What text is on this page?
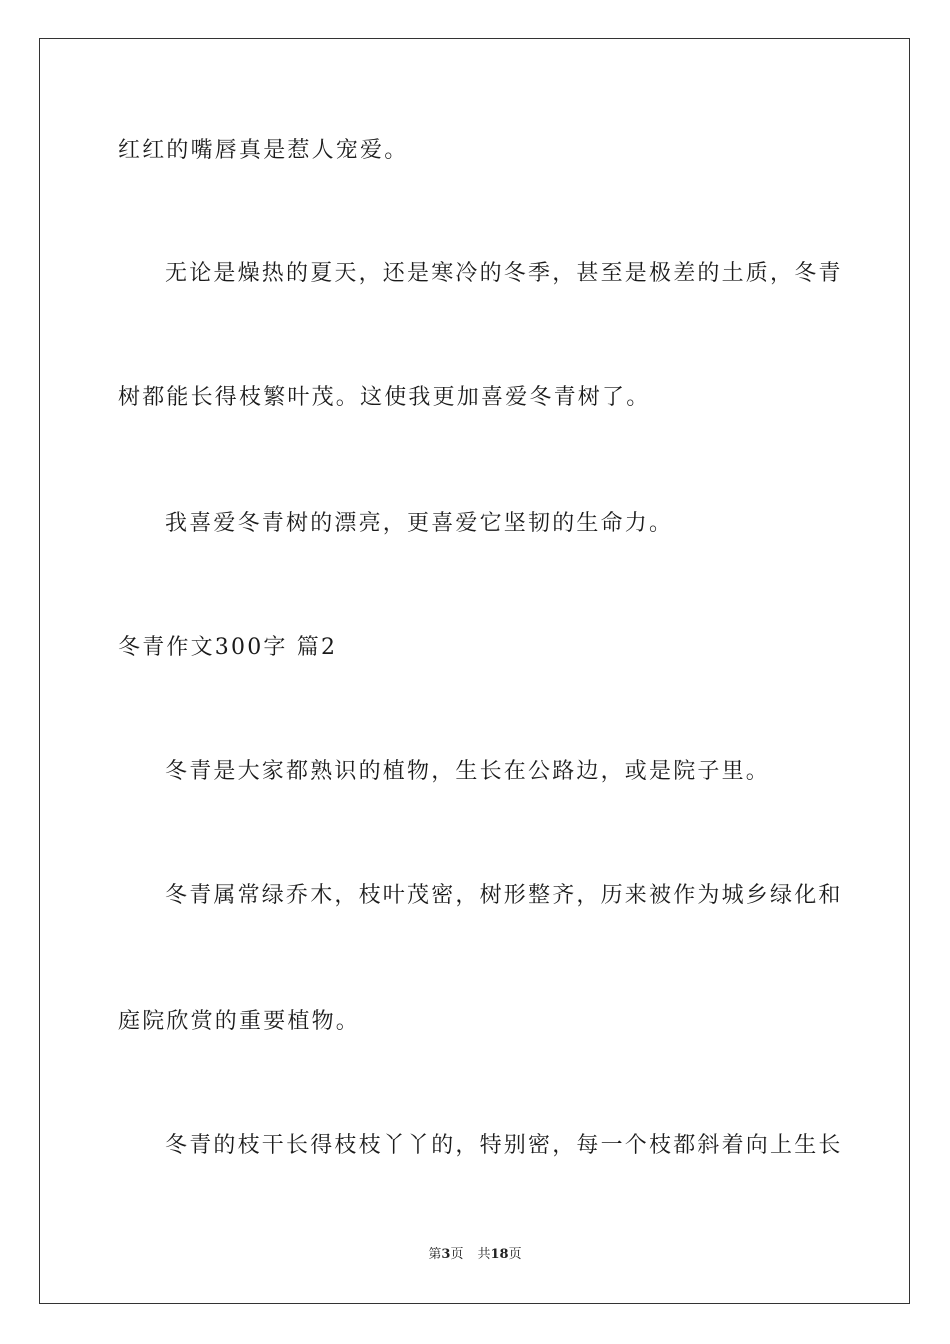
红红的嘴唇真是惹人宠爱。
无论是燥热的夏天，还是寒冷的冬季，甚至是极差的土质，冬青
树都能长得枝繁叶茂。这使我更加喜爱冬青树了。
我喜爱冬青树的漂亮，更喜爱它坚韧的生命力。
冬青作文300字 篇2
冬青是大家都熟识的植物，生长在公路边，或是院子里。
冬青属常绿乔木，枝叶茂密，树形整齐，历来被作为城乡绿化和
庭院欣赏的重要植物。
冬青的枝干长得枝枝丫丫的，特别密，每一个枝都斜着向上生长
第3页 共18页
